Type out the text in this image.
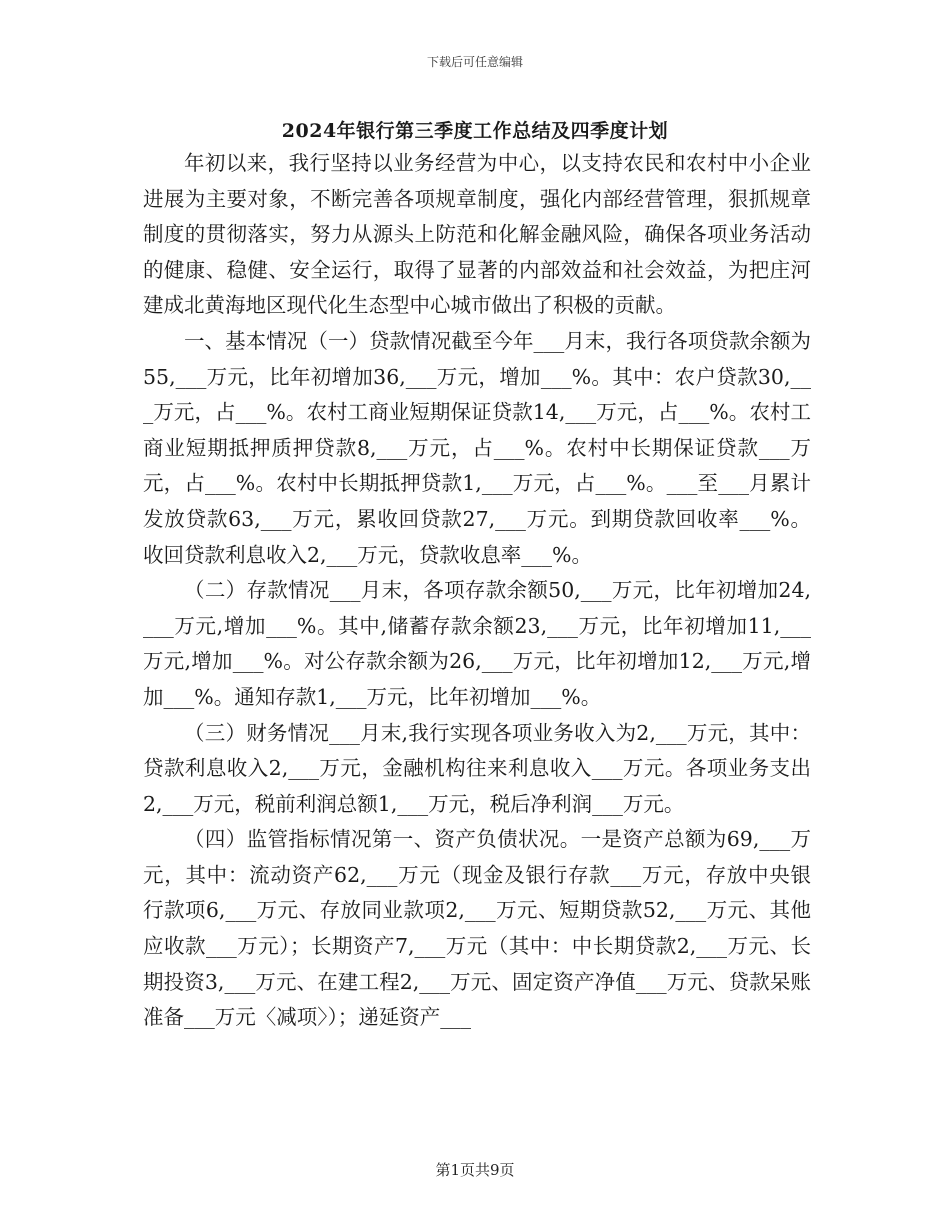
下载后可任意编辑
2024年银行第三季度工作总结及四季度计划

年初以来，我行坚持以业务经营为中心，以支持农民和农村中小企业进展为主要对象，不断完善各项规章制度，强化内部经营管理，狠抓规章制度的贯彻落实，努力从源头上防范和化解金融风险，确保各项业务活动的健康、稳健、安全运行，取得了显著的内部效益和社会效益，为把庄河建成北黄海地区现代化生态型中心城市做出了积极的贡献。

一、基本情况（一）贷款情况截至今年___月末，我行各项贷款余额为55,___万元，比年初增加36,___万元，增加___%。其中：农户贷款30,___万元，占___%。农村工商业短期保证贷款14,___万元，占___%。农村工商业短期抵押质押贷款8,___万元，占___%。农村中长期保证贷款___万元，占___%。农村中长期抵押贷款1,___万元，占___%。___至___月累计发放贷款63,___万元，累收回贷款27,___万元。到期贷款回收率___%。收回贷款利息收入2,___万元，贷款收息率___%。

（二）存款情况___月末，各项存款余额50,___万元，比年初增加24,___万元,增加___%。其中,储蓄存款余额23,___万元，比年初增加11,___万元,增加___%。对公存款余额为26,___万元，比年初增加12,___万元,增加___%。通知存款1,___万元，比年初增加___%。

（三）财务情况___月末,我行实现各项业务收入为2,___万元，其中：贷款利息收入2,___万元，金融机构往来利息收入___万元。各项业务支出2,___万元，税前利润总额1,___万元，税后净利润___万元。

（四）监管指标情况第一、资产负债状况。一是资产总额为69,___万元，其中：流动资产62,___万元（现金及银行存款___万元，存放中央银行款项6,___万元、存放同业款项2,___万元、短期贷款52,___万元、其他应收款___万元）；长期资产7,___万元（其中：中长期贷款2,___万元、长期投资3,___万元、在建工程2,___万元、固定资产净值___万元、贷款呆账准备___万元〈减项〉）；递延资产___

第1页共9页
